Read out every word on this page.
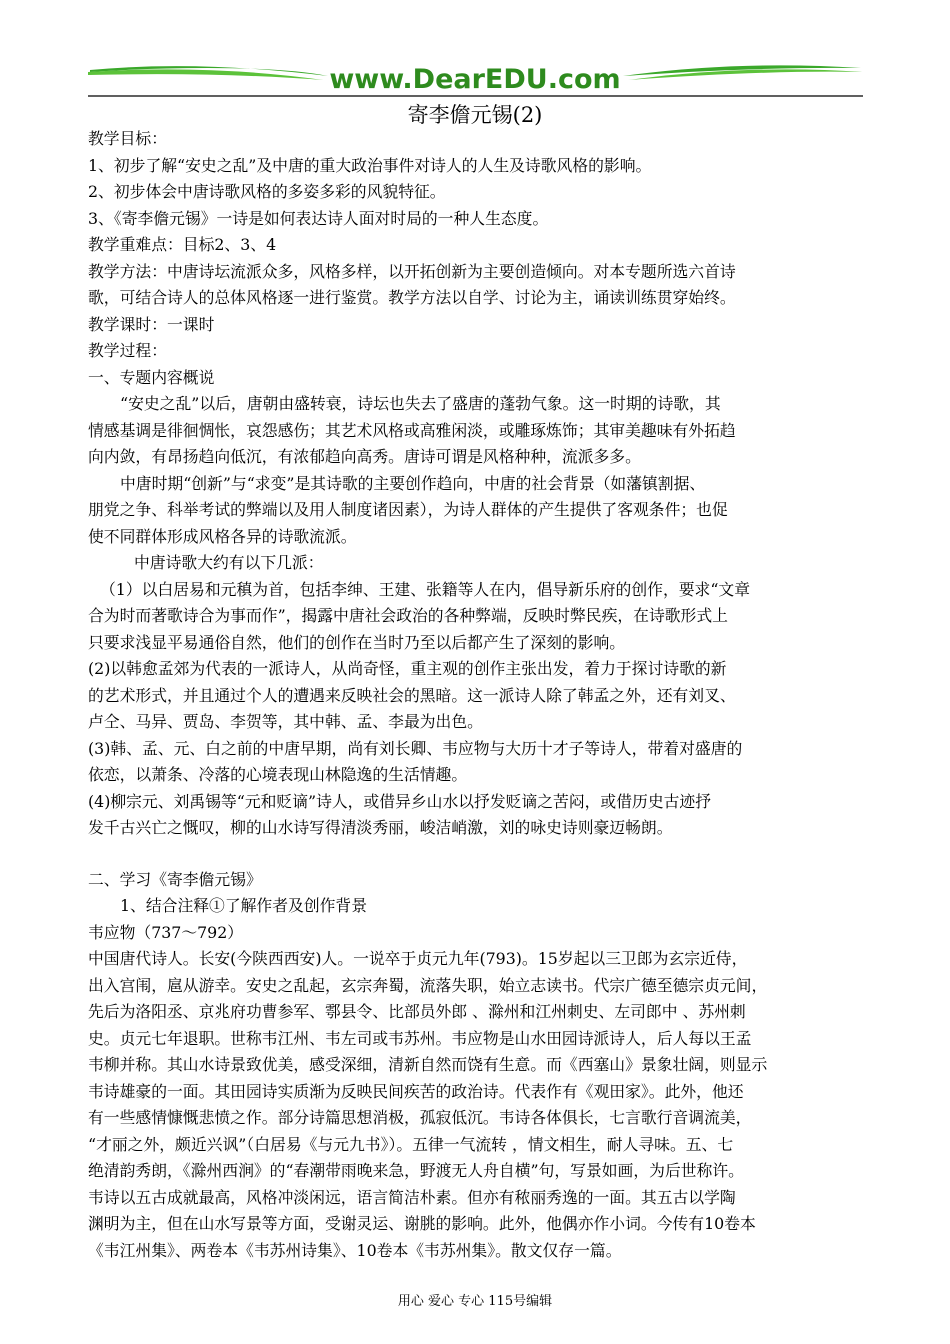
www.DearEDU.com
寄李儋元锡(2)

教学目标：

1、初步了解“安史之乱”及中唐的重大政治事件对诗人的人生及诗歌风格的影响。

2、初步体会中唐诗歌风格的多姿多彩的风貌特征。

3、《寄李儋元锡》一诗是如何表达诗人面对时局的一种人生态度。

教学重难点：目标2、3、4

教学方法：中唐诗坛流派众多，风格多样，以开拓创新为主要创造倾向。对本专题所选六首诗

歌，可结合诗人的总体风格逐一进行鉴赏。教学方法以自学、讨论为主，诵读训练贯穿始终。

教学课时：一课时

教学过程：

一、专题内容概说

“安史之乱”以后，唐朝由盛转衰，诗坛也失去了盛唐的蓬勃气象。这一时期的诗歌，其

情感基调是徘徊惆怅，哀怨感伤；其艺术风格或高雅闲淡，或雕琢炼饰；其审美趣味有外拓趋

向内敛，有昂扬趋向低沉，有浓郁趋向高秀。唐诗可谓是风格种种，流派多多。

中唐时期“创新”与“求变”是其诗歌的主要创作趋向，中唐的社会背景（如藩镇割据、

朋党之争、科举考试的弊端以及用人制度诸因素），为诗人群体的产生提供了客观条件；也促

使不同群体形成风格各异的诗歌流派。

中唐诗歌大约有以下几派：

（1）以白居易和元稹为首，包括李绅、王建、张籍等人在内，倡导新乐府的创作，要求“文章

合为时而著歌诗合为事而作”，揭露中唐社会政治的各种弊端，反映时弊民疾，在诗歌形式上

只要求浅显平易通俗自然，他们的创作在当时乃至以后都产生了深刻的影响。

(2)以韩愈孟郊为代表的一派诗人，从尚奇怪，重主观的创作主张出发，着力于探讨诗歌的新

的艺术形式，并且通过个人的遭遇来反映社会的黑暗。这一派诗人除了韩孟之外，还有刘叉、

卢仝、马异、贾岛、李贺等，其中韩、孟、李最为出色。

(3)韩、孟、元、白之前的中唐早期，尚有刘长卿、韦应物与大历十才子等诗人，带着对盛唐的

依恋，以萧条、冷落的心境表现山林隐逸的生活情趣。

(4)柳宗元、刘禹锡等“元和贬谪”诗人，或借异乡山水以抒发贬谪之苦闷，或借历史古迹抒

发千古兴亡之慨叹，柳的山水诗写得清淡秀丽，峻洁峭激，刘的咏史诗则豪迈畅朗。

二、学习《寄李儋元锡》

1、结合注释①了解作者及创作背景

韦应物（737～792）

中国唐代诗人。长安(今陕西西安)人。一说卒于贞元九年(793)。15岁起以三卫郎为玄宗近侍，

出入宫闱，扈从游幸。安史之乱起，玄宗奔蜀，流落失职，始立志读书。代宗广德至德宗贞元间，

先后为洛阳丞、京兆府功曹参军、鄠县令、比部员外郎 、滁州和江州刺史、左司郎中 、苏州刺

史。贞元七年退职。世称韦江州、韦左司或韦苏州。韦应物是山水田园诗派诗人，后人每以王孟

韦柳并称。其山水诗景致优美，感受深细，清新自然而饶有生意。而《西塞山》景象壮阔，则显示

韦诗雄豪的一面。其田园诗实质渐为反映民间疾苦的政治诗。代表作有《观田家》。此外，他还

有一些感情慷慨悲愤之作。部分诗篇思想消极，孤寂低沉。韦诗各体俱长，七言歌行音调流美，

“才丽之外，颇近兴讽”（白居易《与元九书》）。五律一气流转 ，情文相生，耐人寻味。五、七

绝清韵秀朗，《滁州西涧》的“春潮带雨晚来急，野渡无人舟自横”句，写景如画，为后世称许。

韦诗以五古成就最高，风格冲淡闲远，语言简洁朴素。但亦有秾丽秀逸的一面。其五古以学陶

渊明为主，但在山水写景等方面，受谢灵运、谢朓的影响。此外，他偶亦作小词。今传有10卷本

《韦江州集》、两卷本《韦苏州诗集》、10卷本《韦苏州集》。散文仅存一篇。

用心 爱心 专心 115号编辑
